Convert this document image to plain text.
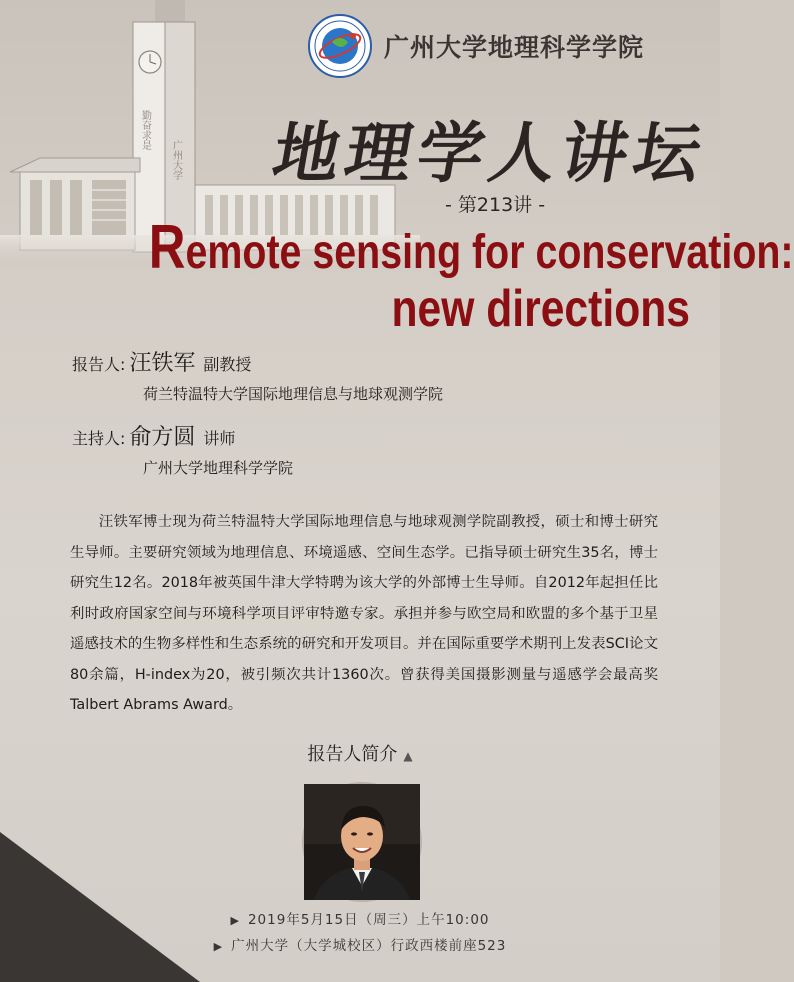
勤奋求是
广州大学
广州大学地理科学学院
地理学人讲坛
- 第213讲 -
Remote sensing for conservation:
new directions
报告人: 汪铁军 副教授
荷兰特温特大学国际地理信息与地球观测学院
主持人: 俞方圆 讲师
广州大学地理科学学院
汪铁军博士现为荷兰特温特大学国际地理信息与地球观测学院副教授，硕士和博士研究生导师。主要研究领域为地理信息、环境遥感、空间生态学。已指导硕士研究生35名，博士研究生12名。2018年被英国牛津大学特聘为该大学的外部博士生导师。自2012年起担任比利时政府国家空间与环境科学项目评审特邀专家。承担并参与欧空局和欧盟的多个基于卫星遥感技术的生物多样性和生态系统的研究和开发项目。并在国际重要学术期刊上发表SCI论文80余篇，H-index为20，被引频次共计1360次。曾获得美国摄影测量与遥感学会最高奖Talbert Abrams Award。
报告人简介 ▲
▶ 2019年5月15日（周三）上午10:00
▶ 广州大学（大学城校区）行政西楼前座523
